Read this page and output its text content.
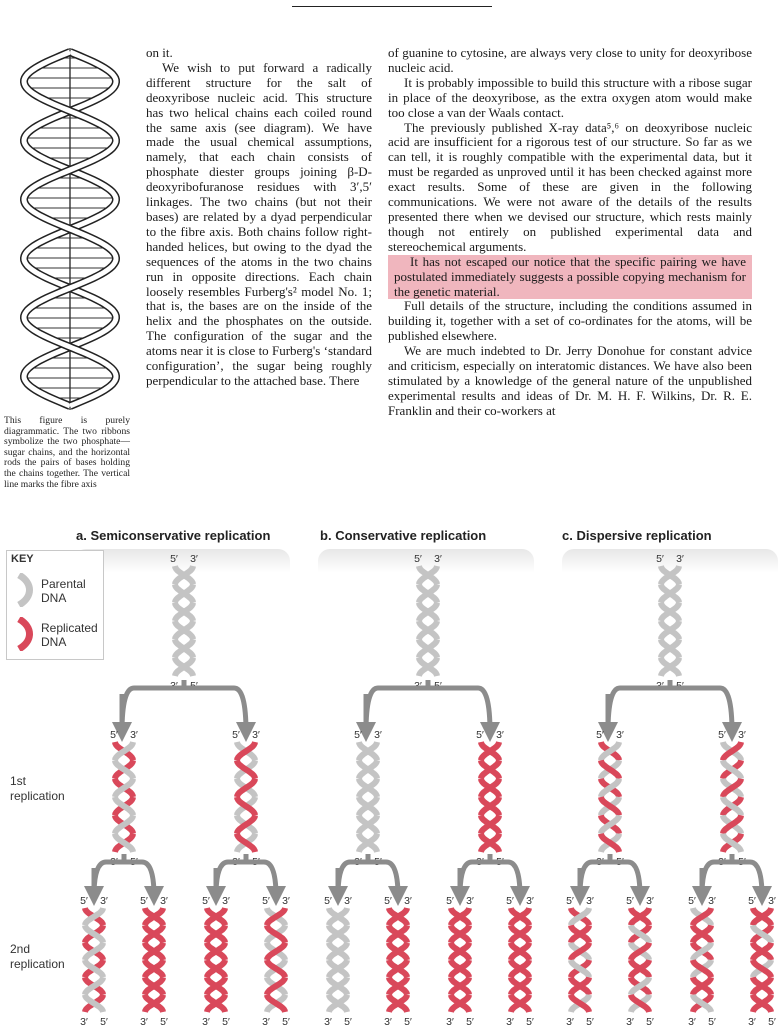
This figure is purely diagrammatic. The two ribbons symbolize the two phosphate—sugar chains, and the horizontal rods the pairs of bases holding the chains together. The vertical line marks the fibre axis

on it.

We wish to put forward a radically different structure for the salt of deoxyribose nucleic acid. This structure has two helical chains each coiled round the same axis (see diagram). We have made the usual chemical assumptions, namely, that each chain consists of phosphate diester groups joining β-D-deoxyribofuranose residues with 3′,5′ linkages. The two chains (but not their bases) are related by a dyad perpendicular to the fibre axis. Both chains follow right-handed helices, but owing to the dyad the sequences of the atoms in the two chains run in opposite directions. Each chain loosely resembles Furberg's² model No. 1; that is, the bases are on the inside of the helix and the phosphates on the outside. The configuration of the sugar and the atoms near it is close to Furberg's ‘standard configuration’, the sugar being roughly perpendicular to the attached base. There

of guanine to cytosine, are always very close to unity for deoxyribose nucleic acid.

It is probably impossible to build this structure with a ribose sugar in place of the deoxyribose, as the extra oxygen atom would make too close a van der Waals contact.

The previously published X-ray data⁵,⁶ on deoxyribose nucleic acid are insufficient for a rigorous test of our structure. So far as we can tell, it is roughly compatible with the experimental data, but it must be regarded as unproved until it has been checked against more exact results. Some of these are given in the following communications. We were not aware of the details of the results presented there when we devised our structure, which rests mainly though not entirely on published experimental data and stereochemical arguments.

It has not escaped our notice that the specific pairing we have postulated immediately suggests a possible copying mechanism for the genetic material.

Full details of the structure, including the conditions assumed in building it, together with a set of co-ordinates for the atoms, will be published elsewhere.

We are much indebted to Dr. Jerry Donohue for constant advice and criticism, especially on interatomic distances. We have also been stimulated by a knowledge of the general nature of the unpublished experimental results and ideas of Dr. M. H. F. Wilkins, Dr. R. E. Franklin and their co-workers at

a. Semiconservative replication	b. Conservative replication	c. Dispersive replication
KEY
Parental DNA
Replicated DNA
1st replication
2nd replication
5′ 3′
3′ 5′
5′ 3′
3′ 5′
5′ 3′
3′ 5′
5′ 3′
3′ 5′
5′ 3′
3′ 5′
5′ 3′
3′ 5′
5′ 3′
3′ 5′
5′ 3′
3′ 5′
5′ 3′
3′ 5′
5′ 3′
3′ 5′
5′ 3′
3′ 5′
5′ 3′
3′ 5′
5′ 3′
3′ 5′
5′ 3′
3′ 5′
5′ 3′
3′ 5′
5′ 3′
3′ 5′
5′ 3′
3′ 5′
5′ 3′
3′ 5′
5′ 3′
3′ 5′
5′ 3′
3′ 5′
5′ 3′
3′ 5′
